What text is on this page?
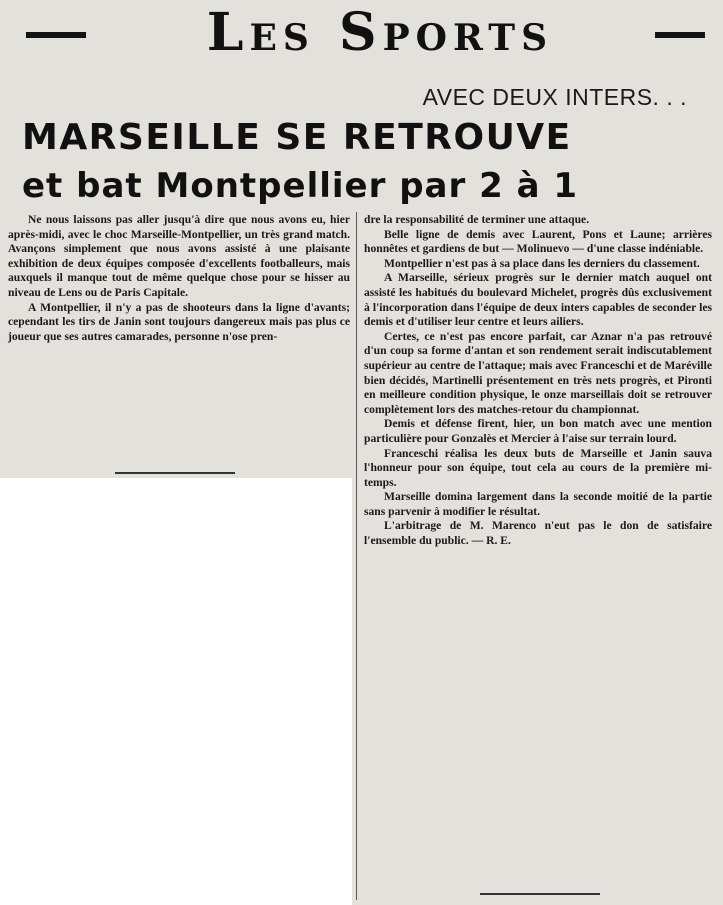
Les Sports
AVEC DEUX INTERS. . .
MARSEILLE SE RETROUVE
et bat Montpellier par 2 à 1

Ne nous laissons pas aller jusqu'à dire que nous avons eu, hier après-midi, avec le choc Marseille-Montpellier, un très grand match. Avançons simplement que nous avons assisté à une plaisante exhibition de deux équipes composée d'excellents footballeurs, mais auxquels il manque tout de même quelque chose pour se hisser au niveau de Lens ou de Paris Capitale.

A Montpellier, il n'y a pas de shooteurs dans la ligne d'avants; cependant les tirs de Janin sont toujours dangereux mais pas plus ce joueur que ses autres camarades, personne n'ose pren-

dre la responsabilité de terminer une attaque.

Belle ligne de demis avec Laurent, Pons et Laune; arrières honnêtes et gardiens de but — Molinuevo — d'une classe indéniable.

Montpellier n'est pas à sa place dans les derniers du classement.

A Marseille, sérieux progrès sur le dernier match auquel ont assisté les habitués du boulevard Michelet, progrès dûs exclusivement à l'incorporation dans l'équipe de deux inters capables de seconder les demis et d'utiliser leur centre et leurs ailiers.

Certes, ce n'est pas encore parfait, car Aznar n'a pas retrouvé d'un coup sa forme d'antan et son rendement serait indiscutablement supérieur au centre de l'attaque; mais avec Franceschi et de Maréville bien décidés, Martinelli présentement en très nets progrès, et Pironti en meilleure condition physique, le onze marseillais doit se retrouver complètement lors des matches-retour du championnat.

Demis et défense firent, hier, un bon match avec une mention particulière pour Gonzalès et Mercier à l'aise sur terrain lourd.

Franceschi réalisa les deux buts de Marseille et Janin sauva l'honneur pour son équipe, tout cela au cours de la première mi-temps.

Marseille domina largement dans la seconde moitié de la partie sans parvenir à modifier le résultat.

L'arbitrage de M. Marenco n'eut pas le don de satisfaire l'ensemble du public. — R. E.
